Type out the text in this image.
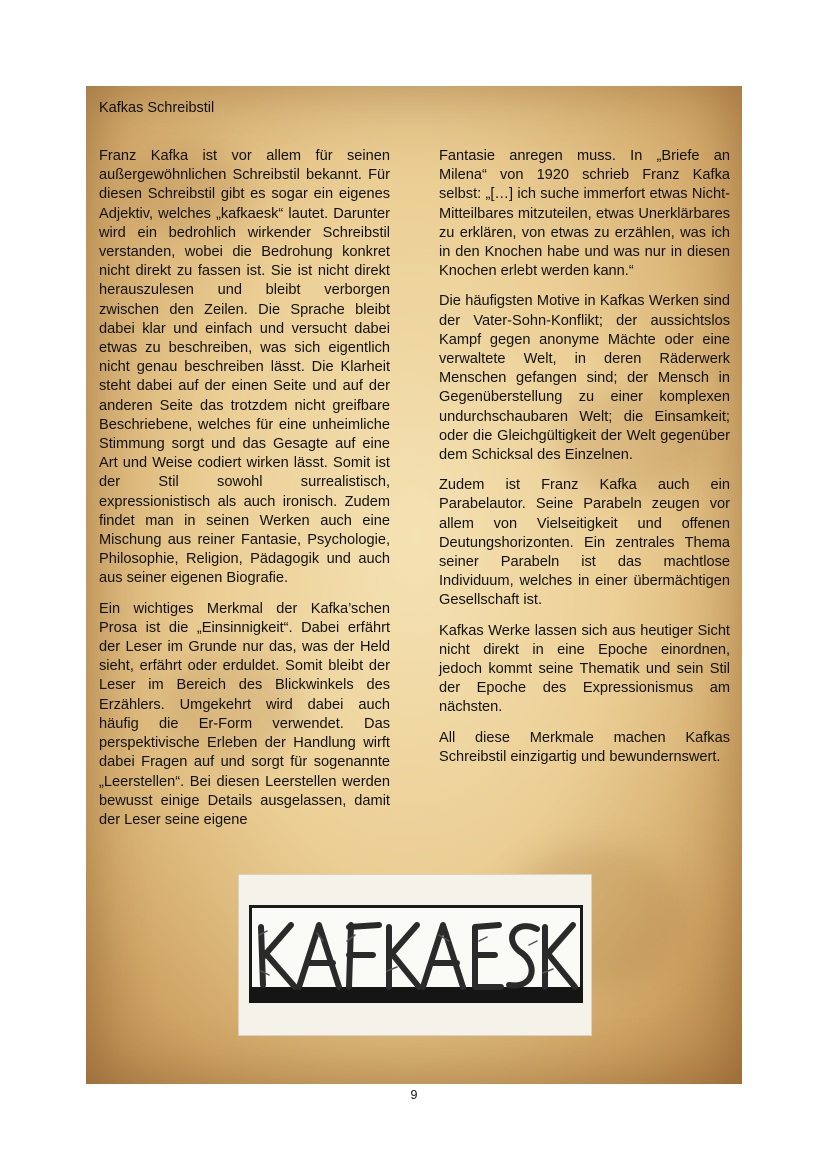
Kafkas Schreibstil

Franz Kafka ist vor allem für seinen außergewöhnlichen Schreibstil bekannt. Für diesen Schreibstil gibt es sogar ein eigenes Adjektiv, welches „kafkaesk“ lautet. Darunter wird ein bedrohlich wirkender Schreibstil verstanden, wobei die Bedrohung konkret nicht direkt zu fassen ist. Sie ist nicht direkt herauszulesen und bleibt verborgen zwischen den Zeilen. Die Sprache bleibt dabei klar und einfach und versucht dabei etwas zu beschreiben, was sich eigentlich nicht genau beschreiben lässt. Die Klarheit steht dabei auf der einen Seite und auf der anderen Seite das trotzdem nicht greifbare Beschriebene, welches für eine unheimliche Stimmung sorgt und das Gesagte auf eine Art und Weise codiert wirken lässt. Somit ist der Stil sowohl surrealistisch, expressionistisch als auch ironisch. Zudem findet man in seinen Werken auch eine Mischung aus reiner Fantasie, Psychologie, Philosophie, Religion, Pädagogik und auch aus seiner eigenen Biografie.

Ein wichtiges Merkmal der Kafka’schen Prosa ist die „Einsinnigkeit“. Dabei erfährt der Leser im Grunde nur das, was der Held sieht, erfährt oder erduldet. Somit bleibt der Leser im Bereich des Blickwinkels des Erzählers. Umgekehrt wird dabei auch häufig die Er-Form verwendet. Das perspektivische Erleben der Handlung wirft dabei Fragen auf und sorgt für sogenannte „Leerstellen“. Bei diesen Leerstellen werden bewusst einige Details ausgelassen, damit der Leser seine eigene

Fantasie anregen muss. In „Briefe an Milena“ von 1920 schrieb Franz Kafka selbst: „[…] ich suche immerfort etwas Nicht-Mitteilbares mitzuteilen, etwas Unerklärbares zu erklären, von etwas zu erzählen, was ich in den Knochen habe und was nur in diesen Knochen erlebt werden kann.“

Die häufigsten Motive in Kafkas Werken sind der Vater-Sohn-Konflikt; der aussichtslos Kampf gegen anonyme Mächte oder eine verwaltete Welt, in deren Räderwerk Menschen gefangen sind; der Mensch in Gegenüberstellung zu einer komplexen undurchschaubaren Welt; die Einsamkeit; oder die Gleichgültigkeit der Welt gegenüber dem Schicksal des Einzelnen.

Zudem ist Franz Kafka auch ein Parabelautor. Seine Parabeln zeugen vor allem von Vielseitigkeit und offenen Deutungshorizonten. Ein zentrales Thema seiner Parabeln ist das machtlose Individuum, welches in einer übermächtigen Gesellschaft ist.

Kafkas Werke lassen sich aus heutiger Sicht nicht direkt in eine Epoche einordnen, jedoch kommt seine Thematik und sein Stil der Epoche des Expressionismus am nächsten.

All diese Merkmale machen Kafkas Schreibstil einzigartig und bewundernswert.

9
